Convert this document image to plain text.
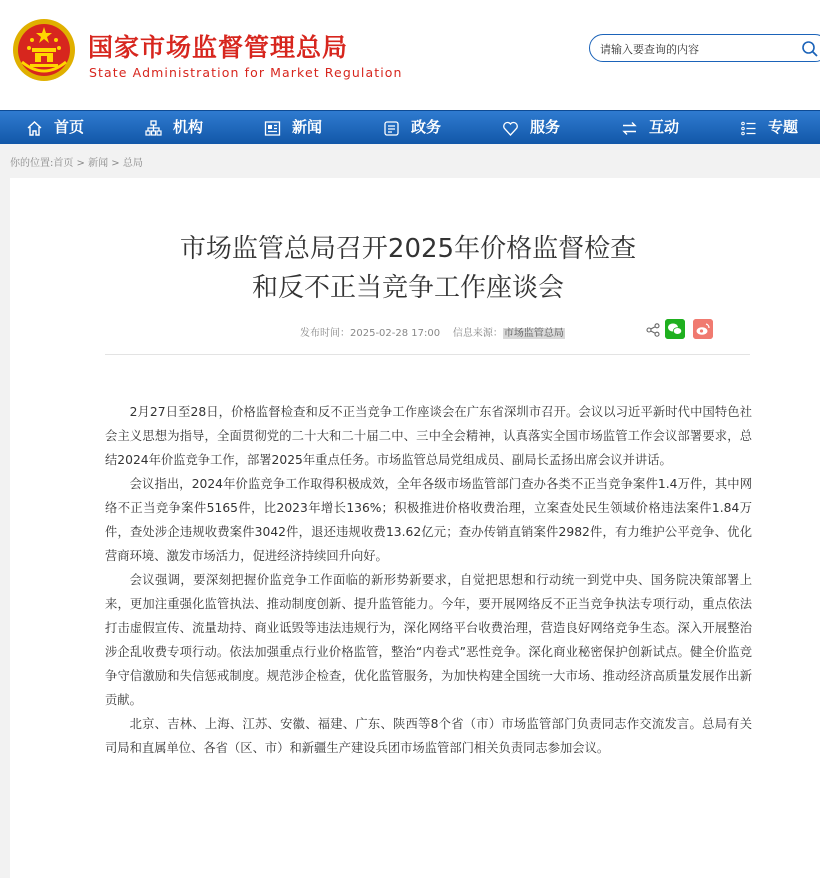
国家市场监督管理总局
State Administration for Market Regulation
请输入要查询的内容
首页	机构	新闻	政务	服务	互动	专题
你的位置:首页 > 新闻 > 总局
市场监管总局召开2025年价格监督检查
和反不正当竞争工作座谈会
发布时间：2025-02-28 17:00 信息来源：市场监管总局

2月27日至28日，价格监督检查和反不正当竞争工作座谈会在广东省深圳市召开。会议以习近平新时代中国特色社会主义思想为指导，全面贯彻党的二十大和二十届二中、三中全会精神，认真落实全国市场监管工作会议部署要求，总结2024年价监竞争工作，部署2025年重点任务。市场监管总局党组成员、副局长孟扬出席会议并讲话。

会议指出，2024年价监竞争工作取得积极成效，全年各级市场监管部门查办各类不正当竞争案件1.4万件，其中网络不正当竞争案件5165件，比2023年增长136%；积极推进价格收费治理，立案查处民生领域价格违法案件1.84万件，查处涉企违规收费案件3042件，退还违规收费13.62亿元；查办传销直销案件2982件，有力维护公平竞争、优化营商环境、激发市场活力，促进经济持续回升向好。

会议强调，要深刻把握价监竞争工作面临的新形势新要求，自觉把思想和行动统一到党中央、国务院决策部署上来，更加注重强化监管执法、推动制度创新、提升监管能力。今年，要开展网络反不正当竞争执法专项行动，重点依法打击虚假宣传、流量劫持、商业诋毁等违法违规行为，深化网络平台收费治理，营造良好网络竞争生态。深入开展整治涉企乱收费专项行动。依法加强重点行业价格监管，整治“内卷式”恶性竞争。深化商业秘密保护创新试点。健全价监竞争守信激励和失信惩戒制度。规范涉企检查，优化监管服务，为加快构建全国统一大市场、推动经济高质量发展作出新贡献。

北京、吉林、上海、江苏、安徽、福建、广东、陕西等8个省（市）市场监管部门负责同志作交流发言。总局有关司局和直属单位、各省（区、市）和新疆生产建设兵团市场监管部门相关负责同志参加会议。
